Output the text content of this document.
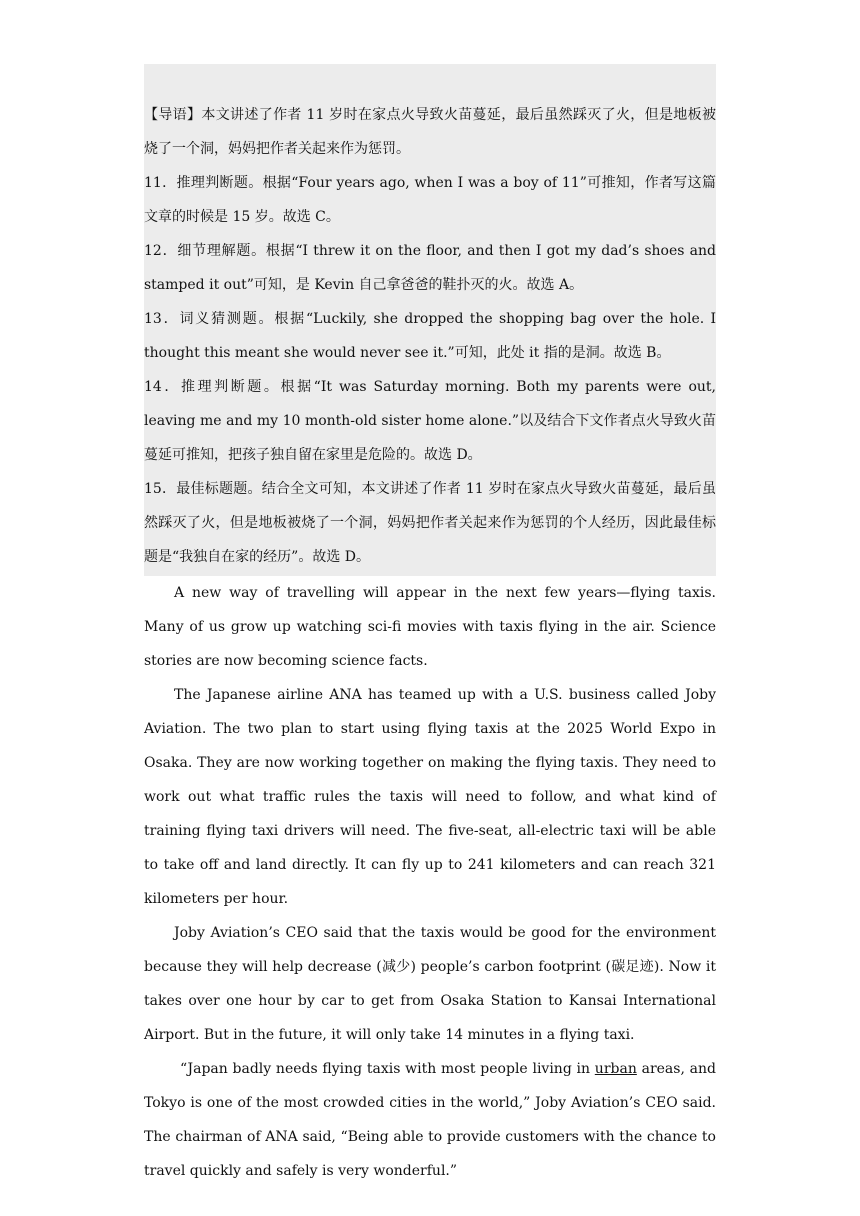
【导语】本文讲述了作者 11 岁时在家点火导致火苗蔓延，最后虽然踩灭了火，但是地板被烧了一个洞，妈妈把作者关起来作为惩罚。

11．推理判断题。根据“Four years ago, when I was a boy of 11”可推知，作者写这篇文章的时候是 15 岁。故选 C。

12．细节理解题。根据“I threw it on the floor, and then I got my dad’s shoes and stamped it out”可知，是 Kevin 自己拿爸爸的鞋扑灭的火。故选 A。

13．词义猜测题。根据“Luckily, she dropped the shopping bag over the hole. I thought this meant she would never see it.”可知，此处 it 指的是洞。故选 B。

14．推理判断题。根据“It was Saturday morning. Both my parents were out, leaving me and my 10 month-old sister home alone.”以及结合下文作者点火导致火苗蔓延可推知，把孩子独自留在家里是危险的。故选 D。

15．最佳标题题。结合全文可知，本文讲述了作者 11 岁时在家点火导致火苗蔓延，最后虽然踩灭了火，但是地板被烧了一个洞，妈妈把作者关起来作为惩罚的个人经历，因此最佳标题是“我独自在家的经历”。故选 D。

A new way of travelling will appear in the next few years—flying taxis. Many of us grow up watching sci-fi movies with taxis flying in the air. Science stories are now becoming science facts.

The Japanese airline ANA has teamed up with a U.S. business called Joby Aviation. The two plan to start using flying taxis at the 2025 World Expo in Osaka. They are now working together on making the flying taxis. They need to work out what traffic rules the taxis will need to follow, and what kind of training flying taxi drivers will need. The five-seat, all-electric taxi will be able to take off and land directly. It can fly up to 241 kilometers and can reach 321 kilometers per hour.

Joby Aviation’s CEO said that the taxis would be good for the environment because they will help decrease (减少) people’s carbon footprint (碳足迹). Now it takes over one hour by car to get from Osaka Station to Kansai International Airport. But in the future, it will only take 14 minutes in a flying taxi.

“Japan badly needs flying taxis with most people living in urban areas, and Tokyo is one of the most crowded cities in the world,” Joby Aviation’s CEO said. The chairman of ANA said, “Being able to provide customers with the chance to travel quickly and safely is very wonderful.”
